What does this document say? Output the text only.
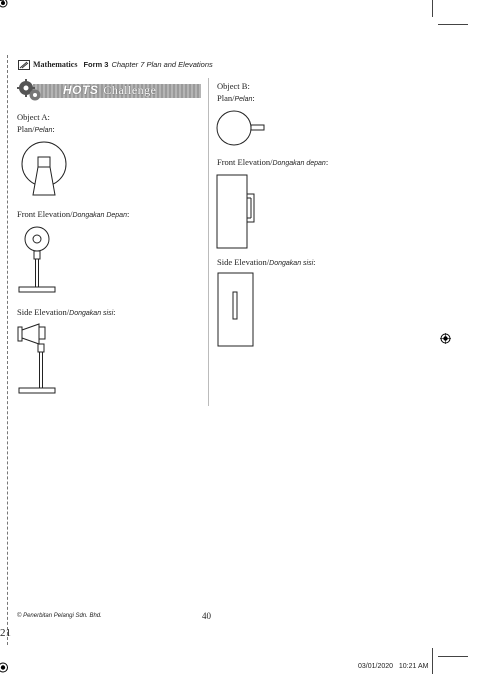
Mathematics Form 3 Chapter 7 Plan and Elevations
HOTS Challenge
Object A:
Plan/Pelan:
Front Elevation/Dongakan Depan:
Side Elevation/Dongakan sisi:
Object B:
Plan/Pelan:
Front Elevation/Dongakan depan:
Side Elevation/Dongakan sisi:
© Penerbitan Pelangi Sdn. Bhd.	40
21
03/01/2020   10:21 AM
